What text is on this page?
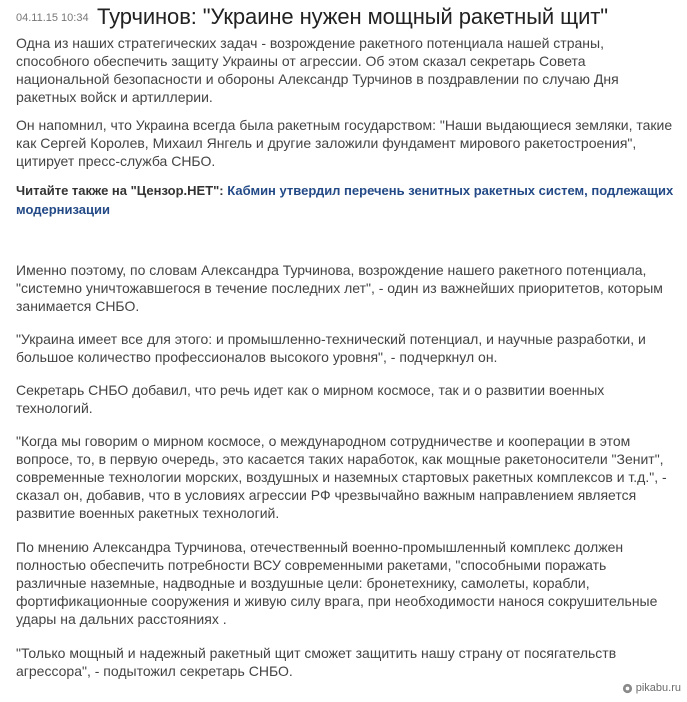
04.11.15 10:34 Турчинов: "Украине нужен мощный ракетный щит"

Одна из наших стратегических задач - возрождение ракетного потенциала нашей страны, способного обеспечить защиту Украины от агрессии. Об этом сказал секретарь Совета национальной безопасности и обороны Александр Турчинов в поздравлении по случаю Дня ракетных войск и артиллерии.

Он напомнил, что Украина всегда была ракетным государством: "Наши выдающиеся земляки, такие как Сергей Королев, Михаил Янгель и другие заложили фундамент мирового ракетостроения", цитирует пресс-служба СНБО.

Читайте также на "Цензор.НЕТ": Кабмин утвердил перечень зенитных ракетных систем, подлежащих модернизации

Именно поэтому, по словам Александра Турчинова, возрождение нашего ракетного потенциала, "системно уничтожавшегося в течение последних лет", - один из важнейших приоритетов, которым занимается СНБО.

"Украина имеет все для этого: и промышленно-технический потенциал, и научные разработки, и большое количество профессионалов высокого уровня", - подчеркнул он.

Секретарь СНБО добавил, что речь идет как о мирном космосе, так и о развитии военных технологий.

"Когда мы говорим о мирном космосе, о международном сотрудничестве и кооперации в этом вопросе, то, в первую очередь, это касается таких наработок, как мощные ракетоносители "Зенит", современные технологии морских, воздушных и наземных стартовых ракетных комплексов и т.д.", - сказал он, добавив, что в условиях агрессии РФ чрезвычайно важным направлением является развитие военных ракетных технологий.

По мнению Александра Турчинова, отечественный военно-промышленный комплекс должен полностью обеспечить потребности ВСУ современными ракетами, "способными поражать различные наземные, надводные и воздушные цели: бронетехнику, самолеты, корабли, фортификационные сооружения и живую силу врага, при необходимости нанося сокрушительные удары на дальних расстояниях .

"Только мощный и надежный ракетный щит сможет защитить нашу страну от посягательств агрессора", - подытожил секретарь СНБО.

pikabu.ru
